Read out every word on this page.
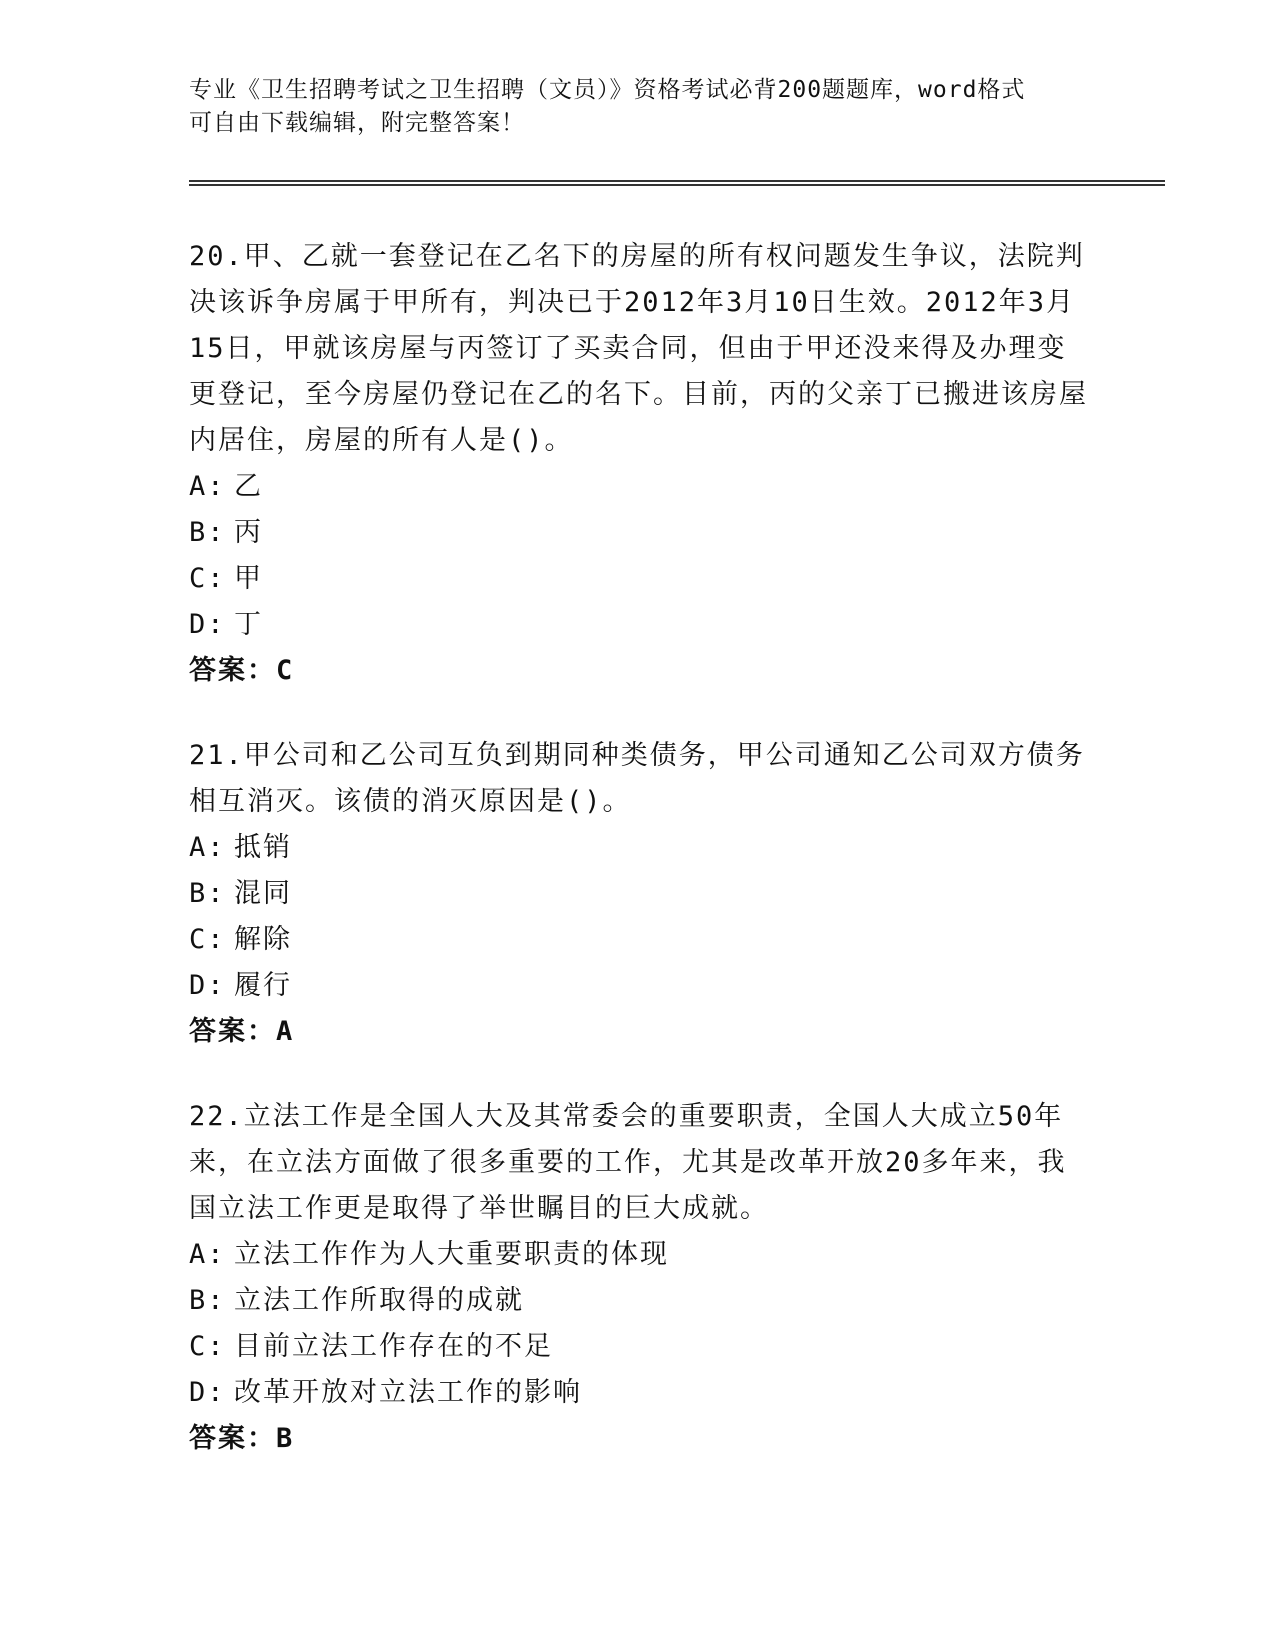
专业《卫生招聘考试之卫生招聘（文员）》资格考试必背200题题库，word格式
可自由下载编辑，附完整答案！
20.甲、乙就一套登记在乙名下的房屋的所有权问题发生争议，法院判决该诉争房属于甲所有，判决已于2012年3月10日生效。2012年3月15日，甲就该房屋与丙签订了买卖合同，但由于甲还没来得及办理变更登记，至今房屋仍登记在乙的名下。目前，丙的父亲丁已搬进该房屋内居住，房屋的所有人是()。
A: 乙
B: 丙
C: 甲
D: 丁
答案：C
21.甲公司和乙公司互负到期同种类债务，甲公司通知乙公司双方债务相互消灭。该债的消灭原因是()。
A: 抵销
B: 混同
C: 解除
D: 履行
答案：A
22.立法工作是全国人大及其常委会的重要职责，全国人大成立50年来，在立法方面做了很多重要的工作，尤其是改革开放20多年来，我国立法工作更是取得了举世瞩目的巨大成就。
A: 立法工作作为人大重要职责的体现
B: 立法工作所取得的成就
C: 目前立法工作存在的不足
D: 改革开放对立法工作的影响
答案：B
